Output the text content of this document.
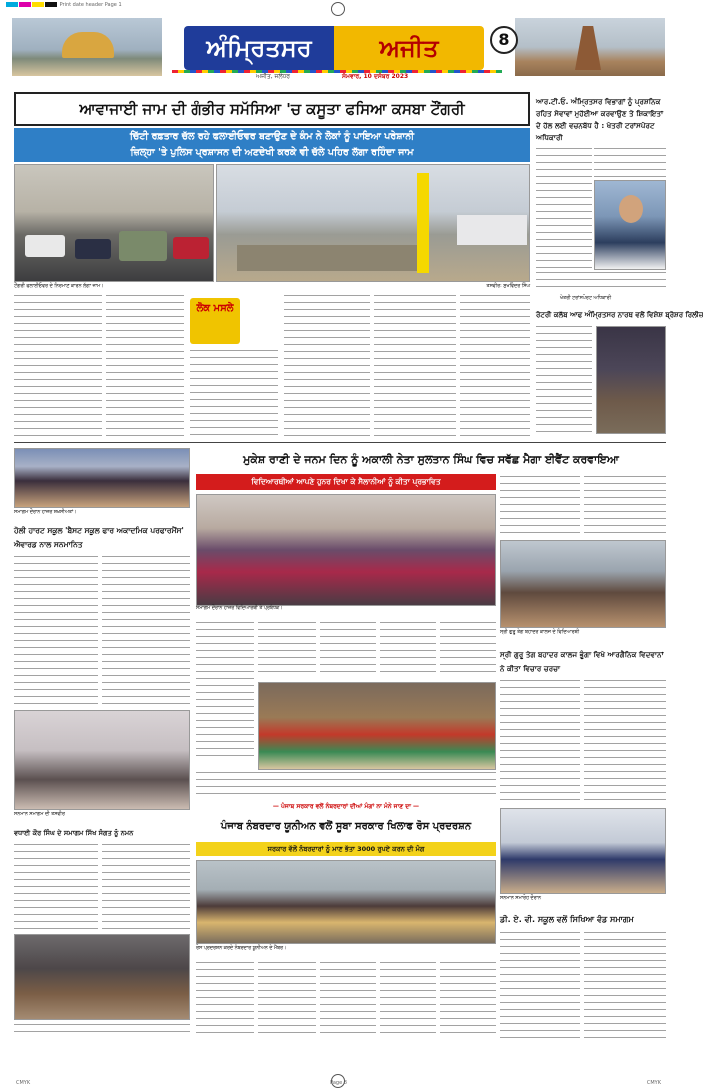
Print date header Page 1
ਅੰਮ੍ਰਿਤਸਰ	ਅਜੀਤ	8
ਅਜੀਤ, ਜਲੰਧਰ	ਸੋਮਵਾਰ, 10 ਦਸੰਬਰ 2023
ਆਵਾਜਾਈ ਜਾਮ ਦੀ ਗੰਭੀਰ ਸਮੱਸਿਆ 'ਚ ਕਸੂਤਾ ਫਸਿਆ ਕਸਬਾ ਟੌਂਗਰੀ
ਚਿੱਟੀ ਰਫ਼ਤਾਰ ਚੱਲ ਰਹੇ ਫਲਾਈਓਵਰ ਬਣਾਉਣ ਦੇ ਕੰਮ ਨੇ ਲੋਕਾਂ ਨੂੰ ਪਾਇਆ ਪਰੇਸ਼ਾਨੀ
ਜ਼ਿਲ੍ਹਾ 'ਤੇ ਪੁਲਿਸ ਪ੍ਰਸ਼ਾਸਨ ਦੀ ਅਣਦੇਖੀ ਕਰਕੇ ਵੀ ਚੱਲੇ ਪਹਿਰ ਲੱਗਾ ਰਹਿੰਦਾ ਜਾਮ
ਟੌਂਗਰੀ ਫਲਾਈਓਵਰ ਦੇ ਨਿਰਮਾਣ ਕਾਰਨ ਲੱਗਾ ਜਾਮ।	ਤਸਵੀਰ: ਸੁਖਵਿੰਦਰ ਸਿੰਘ
ਲੋਕ ਮਸਲੇ
ਆਰ.ਟੀ.ਓ. ਅੰਮ੍ਰਿਤਸਰ ਵਿਭਾਗਾਂ ਨੂੰ ਪ੍ਰਸ਼ਨਿਕ ਰਹਿਤ ਸੇਵਾਵਾਂ ਮੁਹੱਈਆ ਕਰਵਾਉਣ ਤੇ ਸ਼ਿਕਾਇਤਾਂ ਦੇ ਹੱਲ ਲਈ ਵਚਨਬੱਧ ਹੈ : ਖੇਤਰੀ ਟਰਾਂਸਪੋਰਟ ਅਧਿਕਾਰੀ
ਖੇਤਰੀ ਟਰਾਂਸਪੋਰਟ ਅਧਿਕਾਰੀ
ਰੋਟਰੀ ਕਲੱਬ ਆਫ ਅੰਮ੍ਰਿਤਸਰ ਨਾਰਥ ਵਲੋਂ ਵਿਸ਼ੇਸ਼ ਬ੍ਰੋਸ਼ਰ ਰਿਲੀਜ਼
ਸਮਾਗਮ ਦੌਰਾਨ ਹਾਜ਼ਰ ਸ਼ਖ਼ਸੀਅਤਾਂ।
ਹੋਲੀ ਹਾਰਟ ਸਕੂਲ 'ਬੈਸਟ ਸਕੂਲ ਫਾਰ ਅਕਾਦਮਿਕ ਪਰਫਾਰਮੈਂਸ' ਐਵਾਰਡ ਨਾਲ ਸਨਮਾਨਿਤ
ਸਨਮਾਨ ਸਮਾਗਮ ਦੀ ਤਸਵੀਰ
ਵਧਾਈ ਕੌਰ ਸਿੰਘ ਦੇ ਸਮਾਗਮ ਸਿੱਖ ਸੰਗਤ ਨੂੰ ਨਮਨ
ਮੁਕੇਸ਼ ਰਾਣੀ ਦੇ ਜਨਮ ਦਿਨ ਨੂੰ ਅਕਾਲੀ ਨੇਤਾ ਸੁਲਤਾਨ ਸਿੰਘ ਵਿਚ ਸਵੱਛ ਮੈਗਾ ਈਵੈਂਟ ਕਰਵਾਇਆ
ਵਿਦਿਆਰਥੀਆਂ ਆਪਣੇ ਹੁਨਰ ਦਿਖਾ ਕੇ ਸੈਲਾਨੀਆਂ ਨੂੰ ਕੀਤਾ ਪ੍ਰਭਾਵਿਤ
ਸਮਾਗਮ ਦੌਰਾਨ ਹਾਜ਼ਰ ਵਿਦਿਆਰਥੀ ਤੇ ਪ੍ਰਬੰਧਕ।
ਸ੍ਰੀ ਗੁਰੂ ਤੇਗ ਬਹਾਦਰ ਕਾਲਜ ਦੇ ਵਿਦਿਆਰਥੀ
ਸ੍ਰੀ ਗੁਰੂ ਤੇਗ ਬਹਾਦਰ ਕਾਲਜ ਭੂੰਗਾ ਵਿਖੇ ਆਰਗੈਨਿਕ ਵਿਦਵਾਨਾਂ ਨੇ ਕੀਤਾ ਵਿਚਾਰ ਚਰਚਾ
— ਪੰਜਾਬ ਸਰਕਾਰ ਵਲੋਂ ਨੰਬਰਦਾਰਾਂ ਦੀਆਂ ਮੰਗਾਂ ਨਾ ਮੰਨੇ ਜਾਣ ਦਾ —
ਪੰਜਾਬ ਨੰਬਰਦਾਰ ਯੂਨੀਅਨ ਵਲੋਂ ਸੂਬਾ ਸਰਕਾਰ ਖਿਲਾਫ ਰੋਸ ਪ੍ਰਦਰਸ਼ਨ
ਸਰਕਾਰ ਵੱਲੋਂ ਨੰਬਰਦਾਰਾਂ ਨੂੰ ਮਾਣ ਭੱਤਾ 3000 ਰੁਪਏ ਕਰਨ ਦੀ ਮੰਗ
ਰੋਸ ਪ੍ਰਦਰਸ਼ਨ ਕਰਦੇ ਨੰਬਰਦਾਰ ਯੂਨੀਅਨ ਦੇ ਮੈਂਬਰ।
ਸਨਮਾਨ ਸਮਾਰੋਹ ਦੌਰਾਨ
ਡੀ. ਏ. ਵੀ. ਸਕੂਲ ਵਲੋਂ ਸਿਖਿਆ ਵੰਡ ਸਮਾਗਮ
CMYK	Page 8	CMYK
